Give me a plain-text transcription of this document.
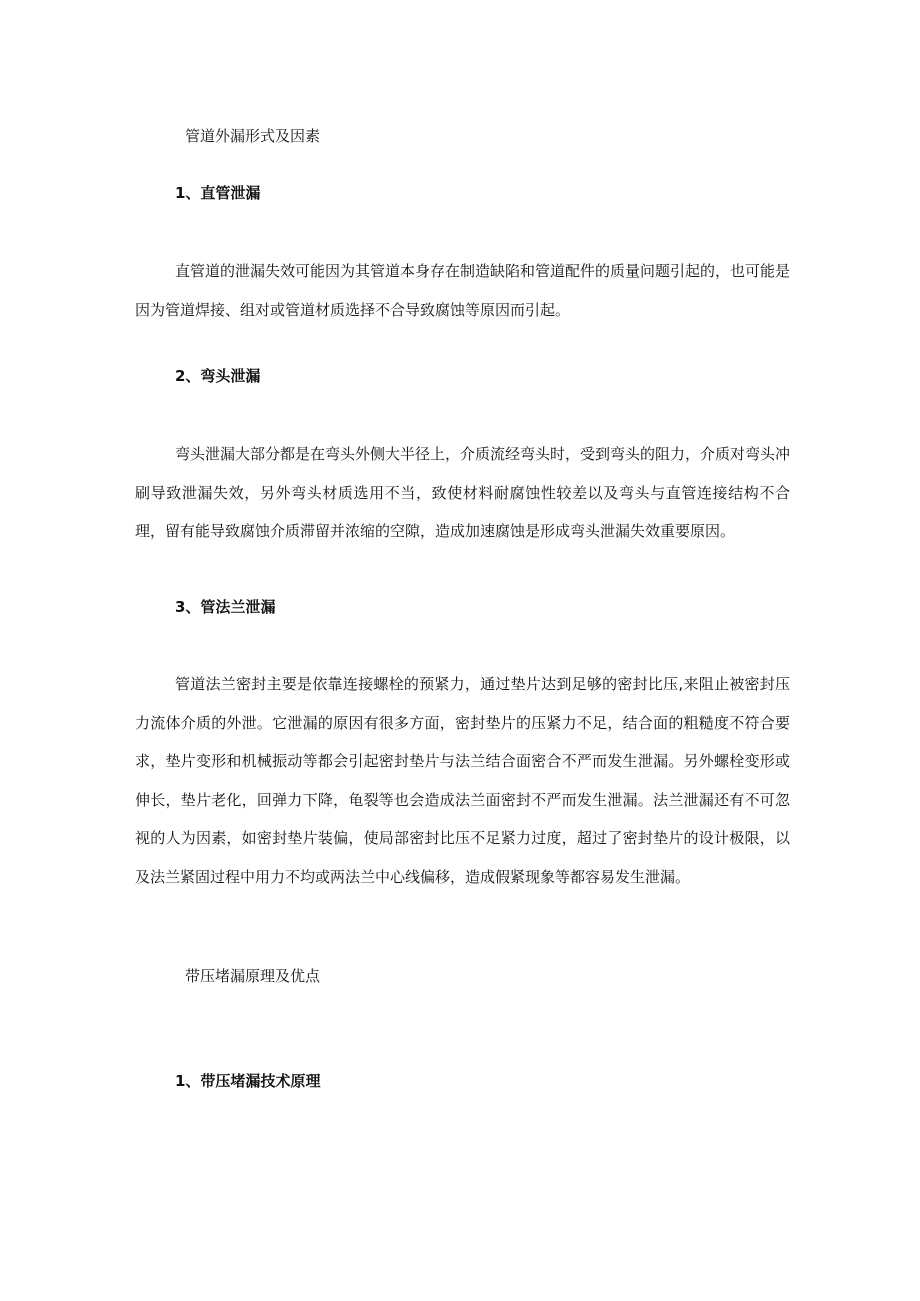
管道外漏形式及因素
1、直管泄漏

直管道的泄漏失效可能因为其管道本身存在制造缺陷和管道配件的质量问题引起的，也可能是因为管道焊接、组对或管道材质选择不合导致腐蚀等原因而引起。

2、弯头泄漏

弯头泄漏大部分都是在弯头外侧大半径上，介质流经弯头时，受到弯头的阻力，介质对弯头冲刷导致泄漏失效，另外弯头材质选用不当，致使材料耐腐蚀性较差以及弯头与直管连接结构不合理，留有能导致腐蚀介质滞留并浓缩的空隙，造成加速腐蚀是形成弯头泄漏失效重要原因。

3、管法兰泄漏

管道法兰密封主要是依靠连接螺栓的预紧力，通过垫片达到足够的密封比压,来阻止被密封压力流体介质的外泄。它泄漏的原因有很多方面，密封垫片的压紧力不足，结合面的粗糙度不符合要求，垫片变形和机械振动等都会引起密封垫片与法兰结合面密合不严而发生泄漏。另外螺栓变形或伸长，垫片老化，回弹力下降，龟裂等也会造成法兰面密封不严而发生泄漏。法兰泄漏还有不可忽视的人为因素，如密封垫片装偏，使局部密封比压不足紧力过度，超过了密封垫片的设计极限，以及法兰紧固过程中用力不均或两法兰中心线偏移，造成假紧现象等都容易发生泄漏。

带压堵漏原理及优点
1、带压堵漏技术原理
